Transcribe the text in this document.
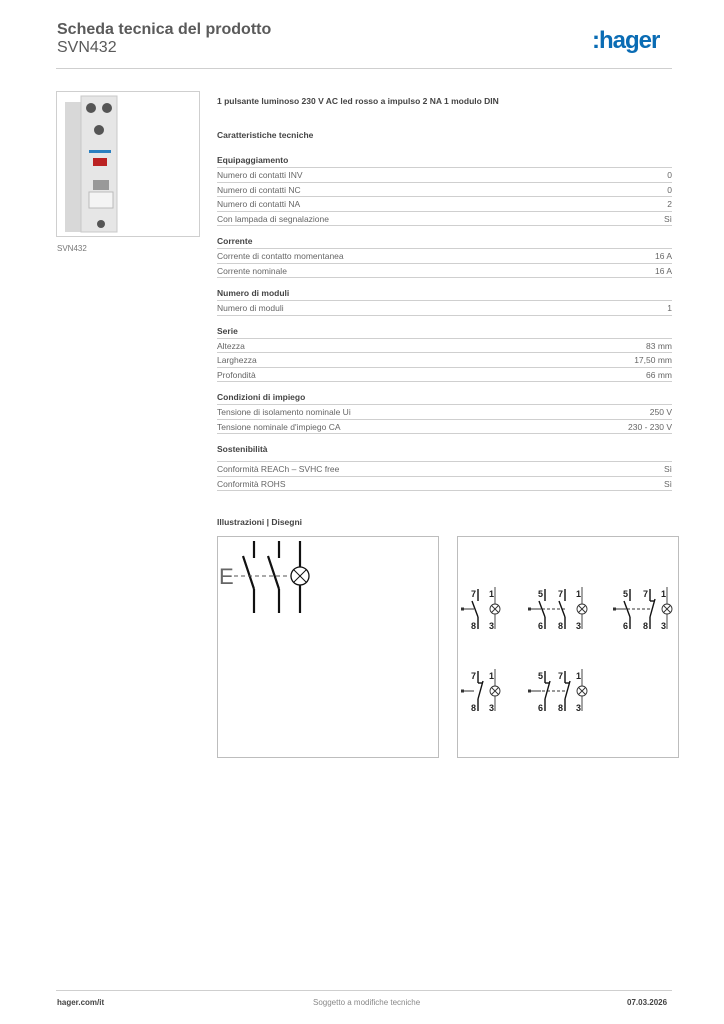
Scheda tecnica del prodotto
SVN432	:hager
SVN432
1 pulsante luminoso 230 V AC led rosso a impulso 2 NA 1 modulo DIN
Caratteristiche tecniche
Equipaggiamento
Numero di contatti INV	0
Numero di contatti NC	0
Numero di contatti NA	2
Con lampada di segnalazione	Sì
Corrente
Corrente di contatto momentanea	16 A
Corrente nominale	16 A
Numero di moduli
Numero di moduli	1
Serie
Altezza	83 mm
Larghezza	17,50 mm
Profondità	66 mm
Condizioni di impiego
Tensione di isolamento nominale Ui	250 V
Tensione nominale d'impiego CA	230 - 230 V
Sostenibilità
Conformità REACh – SVHC free	Sì
Conformità ROHS	Sì
Illustrazioni | Disegni
E
7
8
1
3
5
6
7
8
1
3
5
6
7
8
1
3
7
8
1
3
5
6
7
8
1
3
hager.com/it	Soggetto a modifiche tecniche	07.03.2026
